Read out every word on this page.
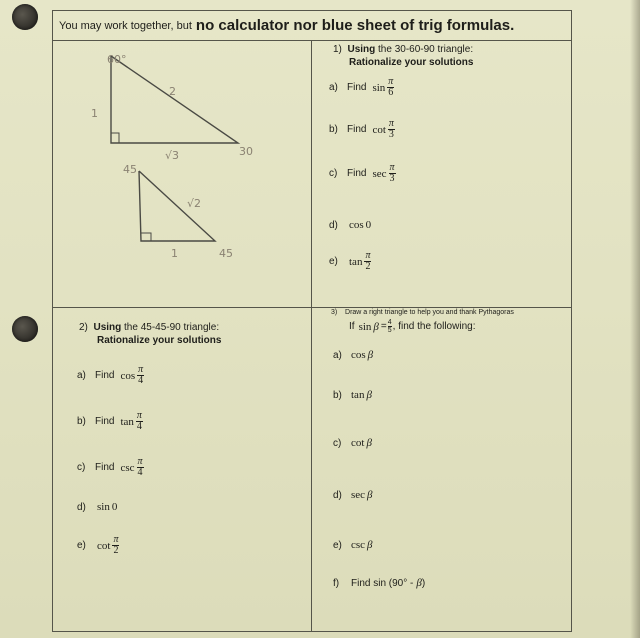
You may work together, but no calculator nor blue sheet of trig formulas.
60°
2
1
√3	30
45
√2
1	45
1) Using the 30-60-90 triangle:
Rationalize your solutions
a) Find $\sin \frac{\pi}{6}$
b) Find $\cot \frac{\pi}{3}$
c) Find $\sec \frac{\pi}{3}$
d)	cos 0
e)	$\tan \frac{\pi}{2}$
2) Using the 45-45-90 triangle:
Rationalize your solutions
a) Find $\cos \frac{\pi}{4}$
b) Find $\tan \frac{\pi}{4}$
c) Find $\csc \frac{\pi}{4}$
d)	sin 0
e)	$\cot \frac{\pi}{2}$
3) Draw a right triangle to help you and thank Pythagoras
If $\sin \beta = \frac{4}{5}$ , find the following:
a) cos β
b) tan β
c) cot β
d) sec β
e) csc β
f)	Find sin (90° - β )
